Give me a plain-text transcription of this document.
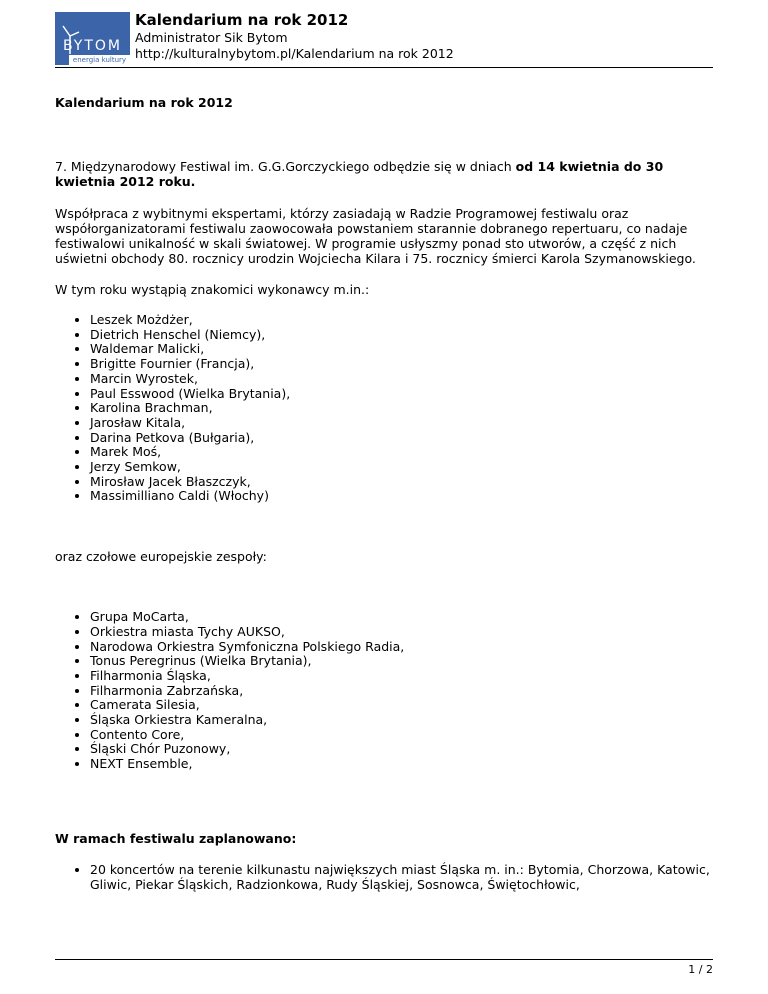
BYTOM
energia kultury
Kalendarium na rok 2012
Administrator Sik Bytom
http://kulturalnybytom.pl/Kalendarium na rok 2012
Kalendarium na rok 2012

7. Międzynarodowy Festiwal im. G.G.Gorczyckiego odbędzie się w dniach od 14 kwietnia do 30 kwietnia 2012 roku.

Współpraca z wybitnymi ekspertami, którzy zasiadają w Radzie Programowej festiwalu oraz współorganizatorami festiwalu zaowocowała powstaniem starannie dobranego repertuaru, co nadaje festiwalowi unikalność w skali światowej. W programie usłyszmy ponad sto utworów, a część z nich uświetni obchody 80. rocznicy urodzin Wojciecha Kilara i 75. rocznicy śmierci Karola Szymanowskiego.

W tym roku wystąpią znakomici wykonawcy m.in.:

• Leszek Możdżer,
• Dietrich Henschel (Niemcy),
• Waldemar Malicki,
• Brigitte Fournier (Francja),
• Marcin Wyrostek,
• Paul Esswood (Wielka Brytania),
• Karolina Brachman,
• Jarosław Kitala,
• Darina Petkova (Bułgaria),
• Marek Moś,
• Jerzy Semkow,
• Mirosław Jacek Błaszczyk,
• Massimilliano Caldi (Włochy)

oraz czołowe europejskie zespoły:

• Grupa MoCarta,
• Orkiestra miasta Tychy AUKSO,
• Narodowa Orkiestra Symfoniczna Polskiego Radia,
• Tonus Peregrinus (Wielka Brytania),
• Filharmonia Śląska,
• Filharmonia Zabrzańska,
• Camerata Silesia,
• Śląska Orkiestra Kameralna,
• Contento Core,
• Śląski Chór Puzonowy,
• NEXT Ensemble,

W ramach festiwalu zaplanowano:

• 20 koncertów na terenie kilkunastu największych miast Śląska m. in.: Bytomia, Chorzowa, Katowic, Gliwic, Piekar Śląskich, Radzionkowa, Rudy Śląskiej, Sosnowca, Świętochłowic,
1 / 2
